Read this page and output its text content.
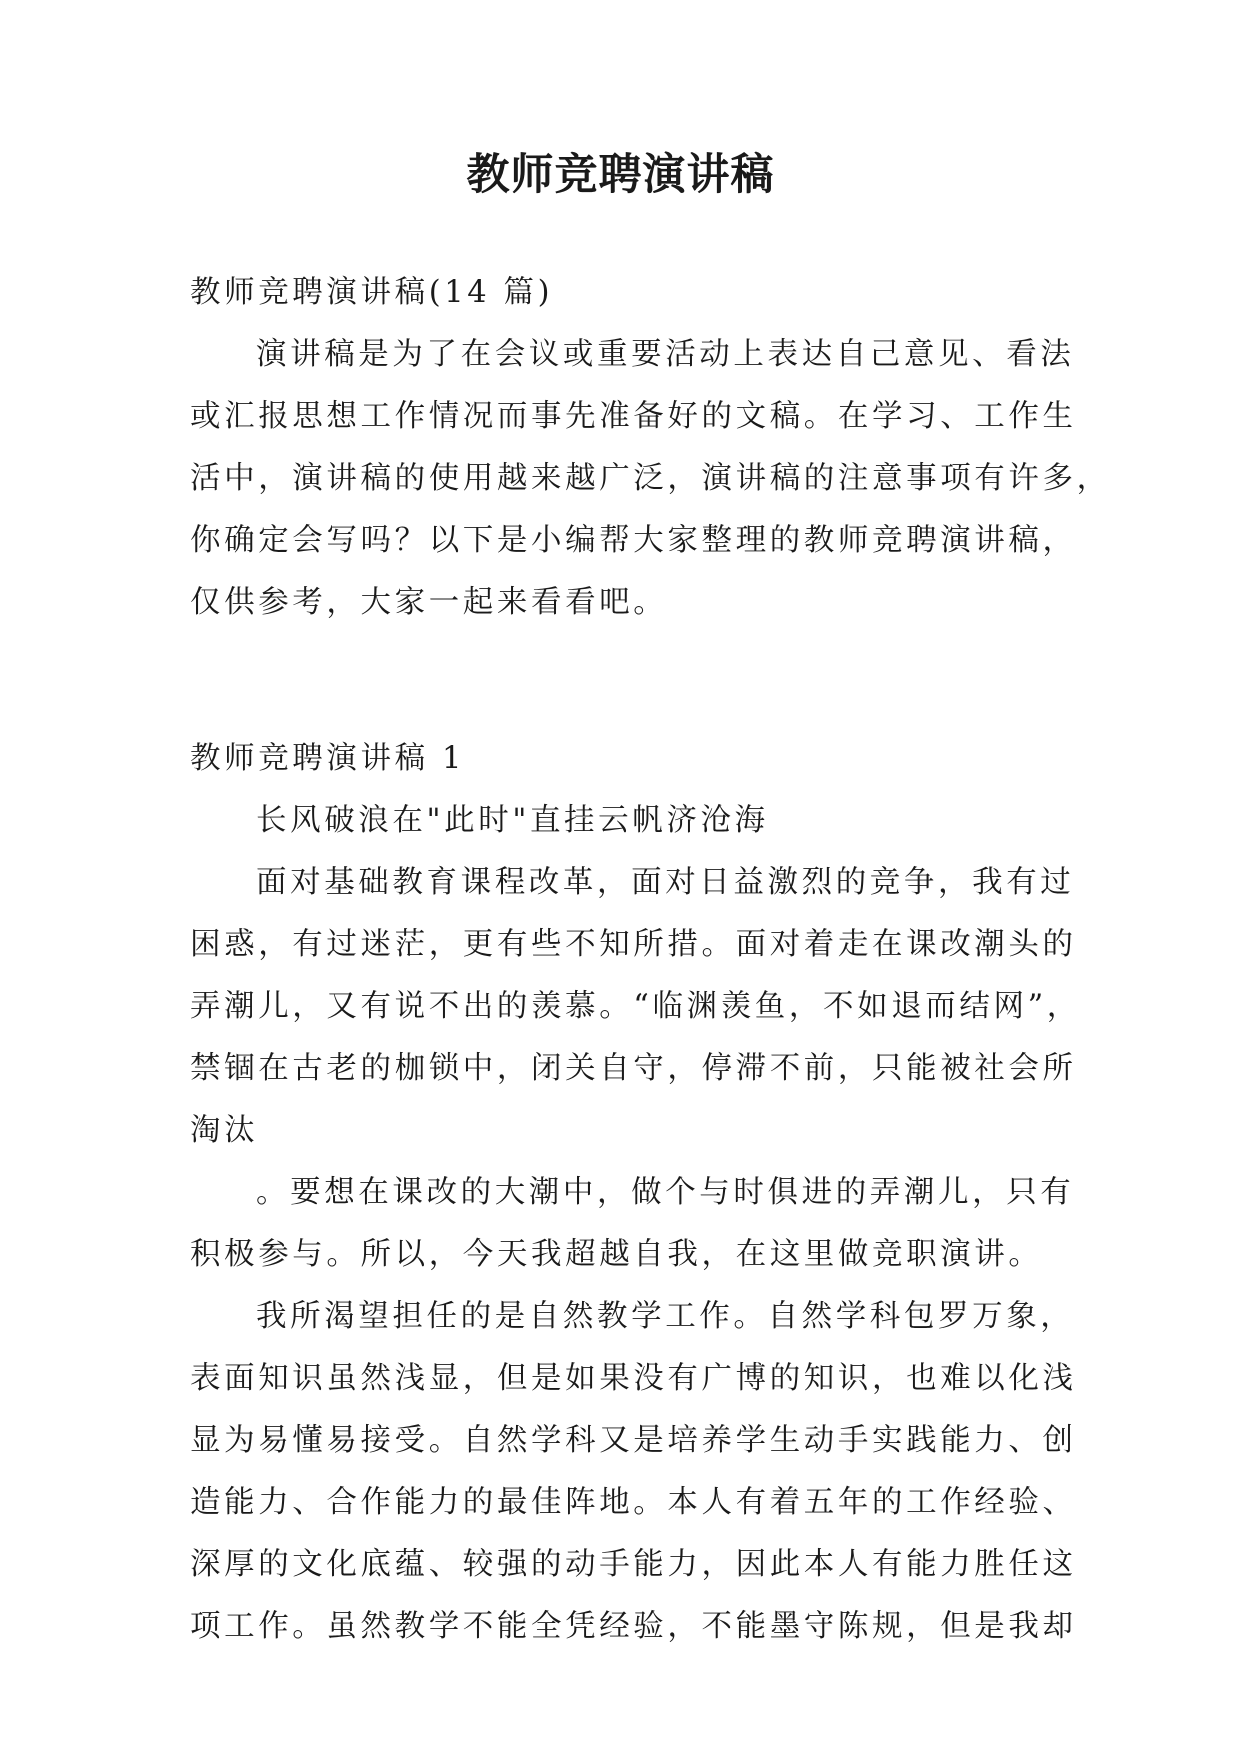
教师竞聘演讲稿

教师竞聘演讲稿(14 篇)

演讲稿是为了在会议或重要活动上表达自己意见、看法

或汇报思想工作情况而事先准备好的文稿。在学习、工作生

活中，演讲稿的使用越来越广泛，演讲稿的注意事项有许多，

你确定会写吗？以下是小编帮大家整理的教师竞聘演讲稿，

仅供参考，大家一起来看看吧。

教师竞聘演讲稿 1

长风破浪在"此时"直挂云帆济沧海

面对基础教育课程改革，面对日益激烈的竞争，我有过

困惑，有过迷茫，更有些不知所措。面对着走在课改潮头的

弄潮儿，又有说不出的羡慕。“临渊羡鱼，不如退而结网”，

禁锢在古老的枷锁中，闭关自守，停滞不前，只能被社会所

淘汰

。要想在课改的大潮中，做个与时俱进的弄潮儿，只有

积极参与。所以，今天我超越自我，在这里做竞职演讲。

我所渴望担任的是自然教学工作。自然学科包罗万象，

表面知识虽然浅显，但是如果没有广博的知识，也难以化浅

显为易懂易接受。自然学科又是培养学生动手实践能力、创

造能力、合作能力的最佳阵地。本人有着五年的工作经验、

深厚的文化底蕴、较强的动手能力，因此本人有能力胜任这

项工作。虽然教学不能全凭经验，不能墨守陈规，但是我却
